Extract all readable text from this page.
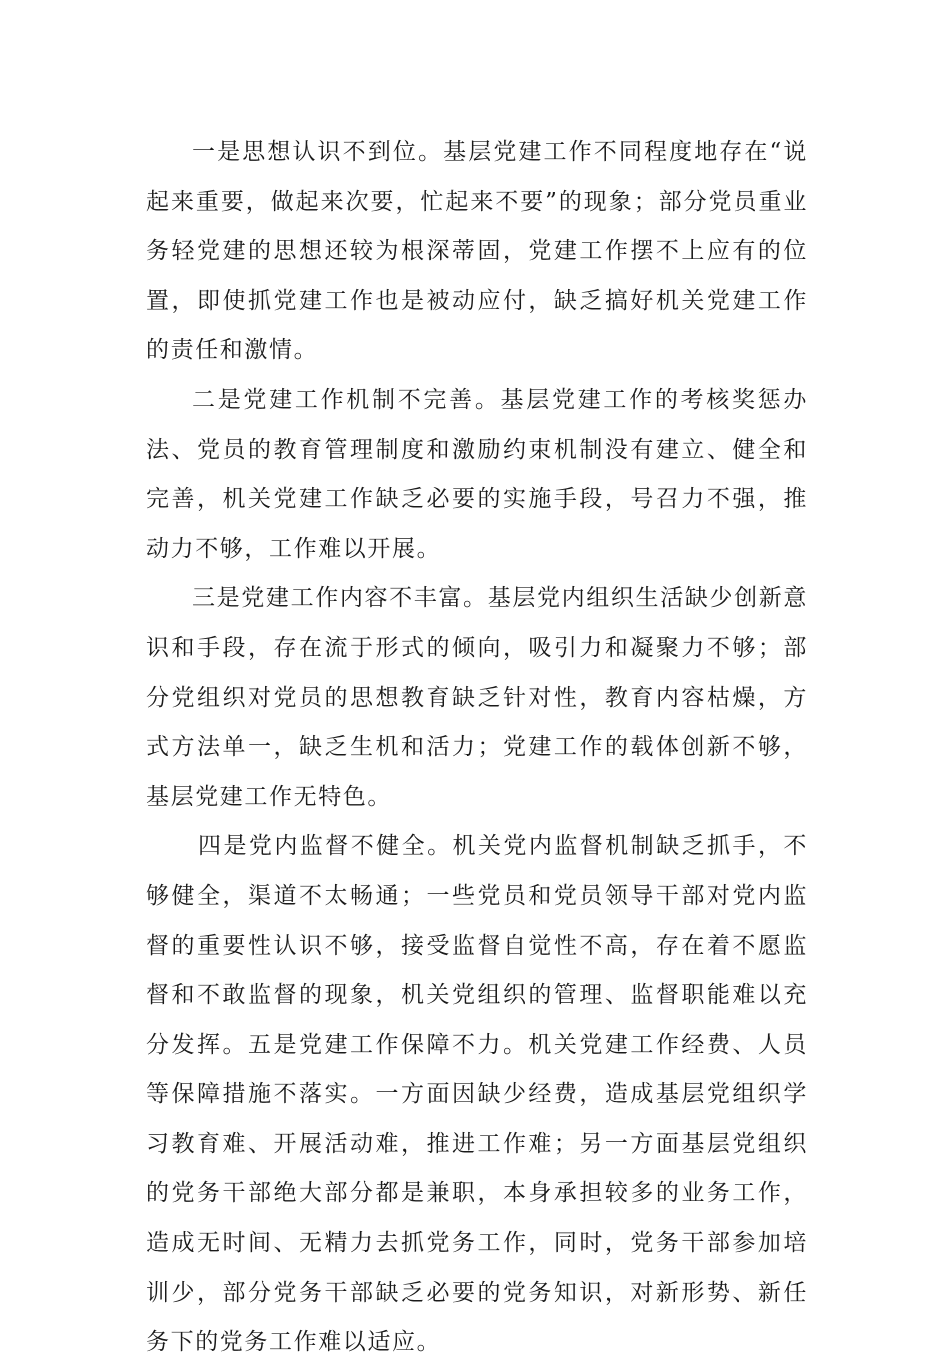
一是思想认识不到位。基层党建工作不同程度地存在“说起来重要，做起来次要，忙起来不要”的现象；部分党员重业务轻党建的思想还较为根深蒂固，党建工作摆不上应有的位置，即使抓党建工作也是被动应付，缺乏搞好机关党建工作的责任和激情。

二是党建工作机制不完善。基层党建工作的考核奖惩办法、党员的教育管理制度和激励约束机制没有建立、健全和完善，机关党建工作缺乏必要的实施手段，号召力不强，推动力不够，工作难以开展。

三是党建工作内容不丰富。基层党内组织生活缺少创新意识和手段，存在流于形式的倾向，吸引力和凝聚力不够；部分党组织对党员的思想教育缺乏针对性，教育内容枯燥，方式方法单一，缺乏生机和活力；党建工作的载体创新不够，基层党建工作无特色。

四是党内监督不健全。机关党内监督机制缺乏抓手，不够健全，渠道不太畅通；一些党员和党员领导干部对党内监督的重要性认识不够，接受监督自觉性不高，存在着不愿监督和不敢监督的现象，机关党组织的管理、监督职能难以充分发挥。五是党建工作保障不力。机关党建工作经费、人员等保障措施不落实。一方面因缺少经费，造成基层党组织学习教育难、开展活动难，推进工作难；另一方面基层党组织的党务干部绝大部分都是兼职，本身承担较多的业务工作，造成无时间、无精力去抓党务工作，同时，党务干部参加培训少，部分党务干部缺乏必要的党务知识，对新形势、新任务下的党务工作难以适应。
